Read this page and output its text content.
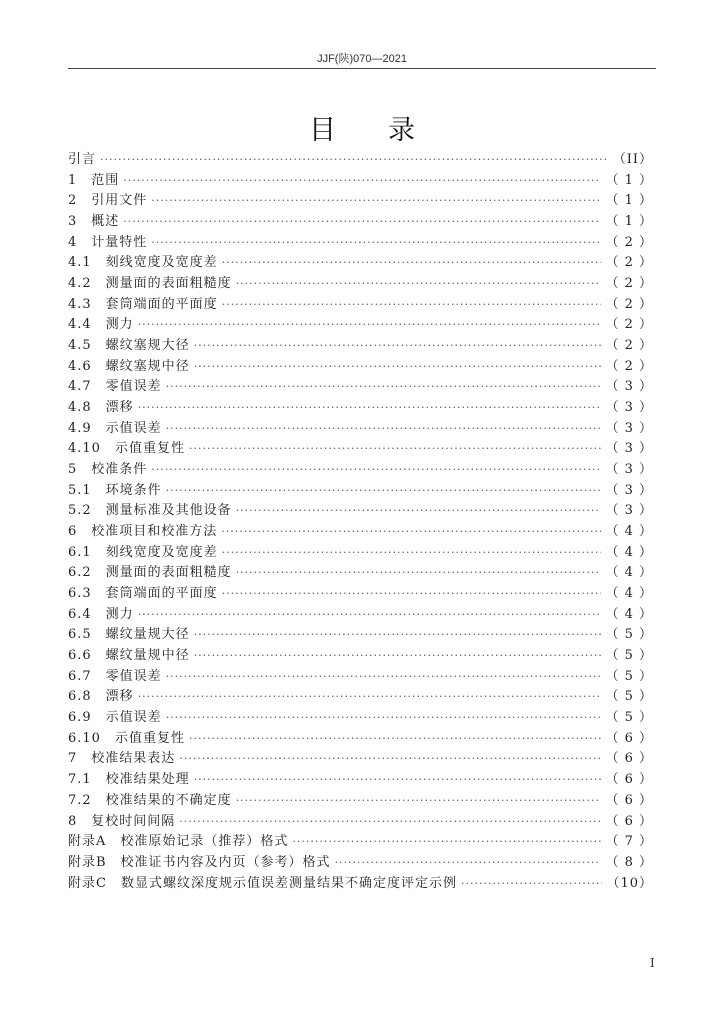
JJF(陕)070—2021
目录
引言 ·····	（II）
1　范围 ·····	（ 1 ）
2　引用文件 ·····	（ 1 ）
3　概述 ·····	（ 1 ）
4　计量特性 ·····	（ 2 ）
4.1　刻线宽度及宽度差 ·····	（ 2 ）
4.2　测量面的表面粗糙度 ·····	（ 2 ）
4.3　套筒端面的平面度 ·····	（ 2 ）
4.4　测力 ·····	（ 2 ）
4.5　螺纹塞规大径 ·····	（ 2 ）
4.6　螺纹塞规中径 ·····	（ 2 ）
4.7　零值误差 ·····	（ 3 ）
4.8　漂移 ·····	（ 3 ）
4.9　示值误差 ·····	（ 3 ）
4.10　示值重复性 ·····	（ 3 ）
5　校准条件 ·····	（ 3 ）
5.1　环境条件 ·····	（ 3 ）
5.2　测量标准及其他设备 ·····	（ 3 ）
6　校准项目和校准方法 ·····	（ 4 ）
6.1　刻线宽度及宽度差 ·····	（ 4 ）
6.2　测量面的表面粗糙度 ·····	（ 4 ）
6.3　套筒端面的平面度 ·····	（ 4 ）
6.4　测力 ·····	（ 4 ）
6.5　螺纹量规大径 ·····	（ 5 ）
6.6　螺纹量规中径 ·····	（ 5 ）
6.7　零值误差 ·····	（ 5 ）
6.8　漂移 ·····	（ 5 ）
6.9　示值误差 ·····	（ 5 ）
6.10　示值重复性 ·····	（ 6 ）
7　校准结果表达 ·····	（ 6 ）
7.1　校准结果处理 ·····	（ 6 ）
7.2　校准结果的不确定度 ·····	（ 6 ）
8　复校时间间隔 ·····	（ 6 ）
附录A　校准原始记录（推荐）格式 ·····	（ 7 ）
附录B　校准证书内容及内页（参考）格式 ·····	（ 8 ）
附录C　数显式螺纹深度规示值误差测量结果不确定度评定示例 ·····	（10）
I
